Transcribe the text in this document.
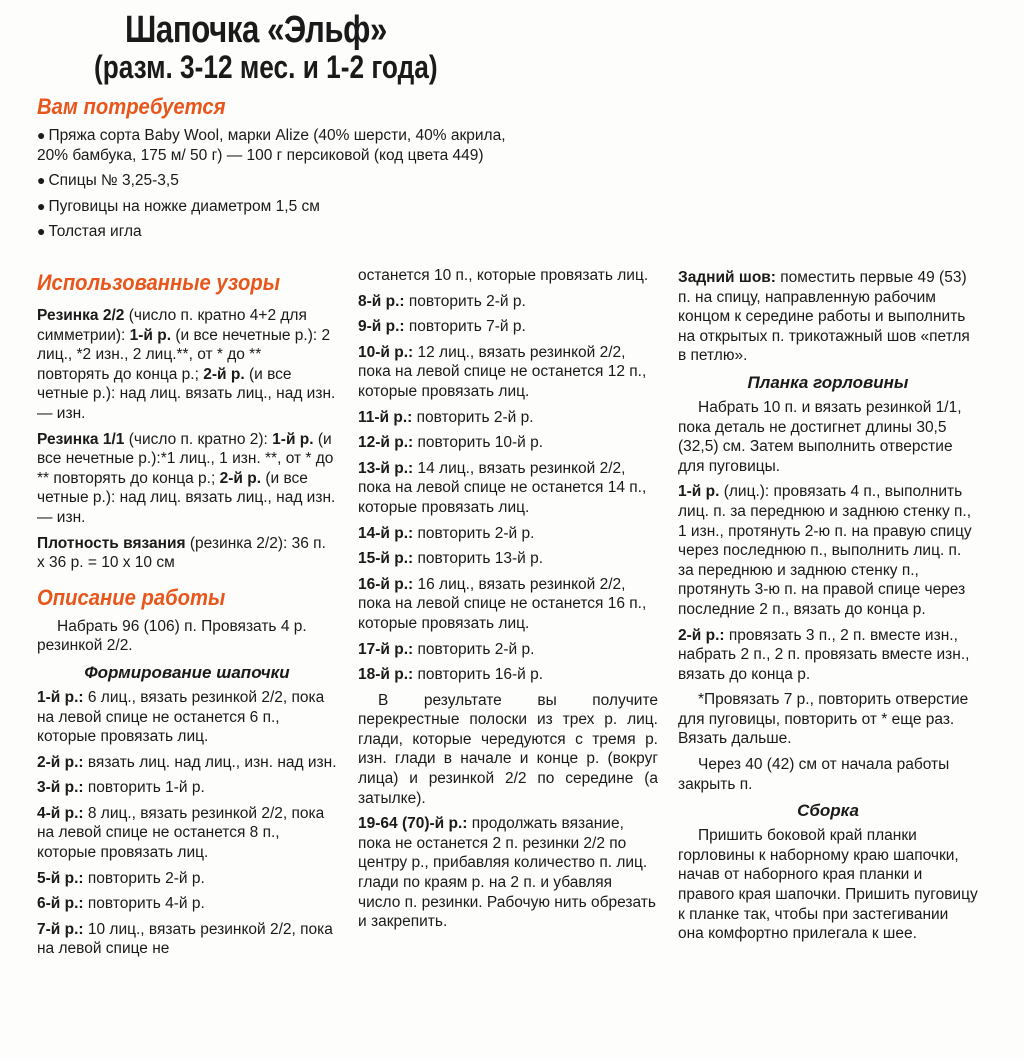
Шапочка «Эльф»
(разм. 3-12 мес. и 1-2 года)
Вам потребуется

● Пряжа сорта Baby Wool, марки Alize (40% шерсти, 40% акрила, 20% бамбука, 175 м/ 50 г) — 100 г персиковой (код цвета 449)

● Спицы № 3,25-3,5

● Пуговицы на ножке диаметром 1,5 см

● Толстая игла

Использованные узоры

Резинка 2/2 (число п. кратно 4+2 для симметрии): 1-й р. (и все нечетные р.): 2 лиц., *2 изн., 2 лиц.**, от * до ** повторять до конца р.; 2-й р. (и все четные р.): над лиц. вязать лиц., над изн. — изн.

Резинка 1/1 (число п. кратно 2): 1-й р. (и все нечетные р.):*1 лиц., 1 изн. **, от * до ** повторять до конца р.; 2-й р. (и все четные р.): над лиц. вязать лиц., над изн. — изн.

Плотность вязания (резинка 2/2): 36 п. х 36 р. = 10 х 10 см

Описание работы

Набрать 96 (106) п. Провязать 4 р. резинкой 2/2.

Формирование шапочки

1-й р.: 6 лиц., вязать резинкой 2/2, пока на левой спице не останется 6 п., которые провязать лиц.

2-й р.: вязать лиц. над лиц., изн. над изн.

3-й р.: повторить 1-й р.

4-й р.: 8 лиц., вязать резинкой 2/2, пока на левой спице не останется 8 п., которые провязать лиц.

5-й р.: повторить 2-й р.

6-й р.: повторить 4-й р.

7-й р.: 10 лиц., вязать резинкой 2/2, пока на левой спице не

останется 10 п., которые провязать лиц.

8-й р.: повторить 2-й р.

9-й р.: повторить 7-й р.

10-й р.: 12 лиц., вязать резинкой 2/2, пока на левой спице не останется 12 п., которые провязать лиц.

11-й р.: повторить 2-й р.

12-й р.: повторить 10-й р.

13-й р.: 14 лиц., вязать резинкой 2/2, пока на левой спице не останется 14 п., которые провязать лиц.

14-й р.: повторить 2-й р.

15-й р.: повторить 13-й р.

16-й р.: 16 лиц., вязать резинкой 2/2, пока на левой спице не останется 16 п., которые провязать лиц.

17-й р.: повторить 2-й р.

18-й р.: повторить 16-й р.

В результате вы получите перекрестные полоски из трех р. лиц. глади, которые чередуются с тремя р. изн. глади в начале и конце р. (вокруг лица) и резинкой 2/2 по середине (а затылке).

19-64 (70)-й р.: продолжать вязание, пока не останется 2 п. резинки 2/2 по центру р., прибавляя количество п. лиц. глади по краям р. на 2 п. и убавляя число п. резинки. Рабочую нить обрезать и закрепить.

Задний шов: поместить первые 49 (53) п. на спицу, направленную рабочим концом к середине работы и выполнить на открытых п. трикотажный шов «петля в петлю».

Планка горловины

Набрать 10 п. и вязать резинкой 1/1, пока деталь не достигнет длины 30,5 (32,5) см. Затем выполнить отверстие для пуговицы.

1-й р. (лиц.): провязать 4 п., выполнить лиц. п. за переднюю и заднюю стенку п., 1 изн., протянуть 2-ю п. на правую спицу через последнюю п., выполнить лиц. п. за переднюю и заднюю стенку п., протянуть 3-ю п. на правой спице через последние 2 п., вязать до конца р.

2-й р.: провязать 3 п., 2 п. вместе изн., набрать 2 п., 2 п. провязать вместе изн., вязать до конца р.

*Провязать 7 р., повторить отверстие для пуговицы, повторить от * еще раз. Вязать дальше.

Через 40 (42) см от начала работы закрыть п.

Сборка

Пришить боковой край планки горловины к наборному краю шапочки, начав от наборного края планки и правого края шапочки. Пришить пуговицу к планке так, чтобы при застегивании она комфортно прилегала к шее.
